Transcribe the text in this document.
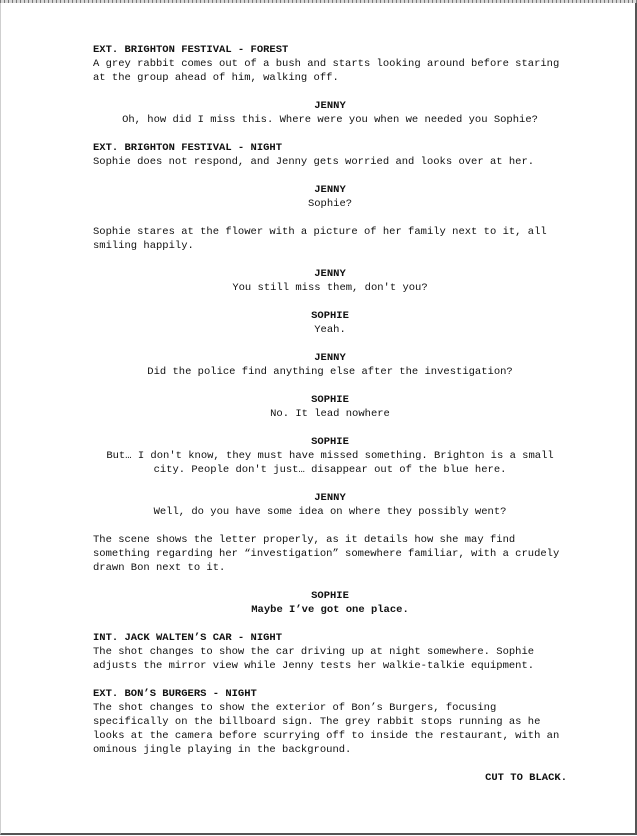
EXT. BRIGHTON FESTIVAL - FOREST

A grey rabbit comes out of a bush and starts looking around before staring at the group ahead of him, walking off.

JENNY

Oh, how did I miss this. Where were you when we needed you Sophie?

EXT. BRIGHTON FESTIVAL - NIGHT

Sophie does not respond, and Jenny gets worried and looks over at her.

JENNY

Sophie?

Sophie stares at the flower with a picture of her family next to it, all smiling happily.

JENNY

You still miss them, don't you?

SOPHIE

Yeah.

JENNY

Did the police find anything else after the investigation?

SOPHIE

No. It lead nowhere

SOPHIE

But… I don't know, they must have missed something. Brighton is a small city. People don't just… disappear out of the blue here.

JENNY

Well, do you have some idea on where they possibly went?

The scene shows the letter properly, as it details how she may find something regarding her “investigation” somewhere familiar, with a crudely drawn Bon next to it.

SOPHIE

Maybe I’ve got one place.

INT. JACK WALTEN’S CAR - NIGHT

The shot changes to show the car driving up at night somewhere. Sophie adjusts the mirror view while Jenny tests her walkie-talkie equipment.

EXT. BON’S BURGERS - NIGHT

The shot changes to show the exterior of Bon’s Burgers, focusing specifically on the billboard sign. The grey rabbit stops running as he looks at the camera before scurrying off to inside the restaurant, with an ominous jingle playing in the background.

CUT TO BLACK.
